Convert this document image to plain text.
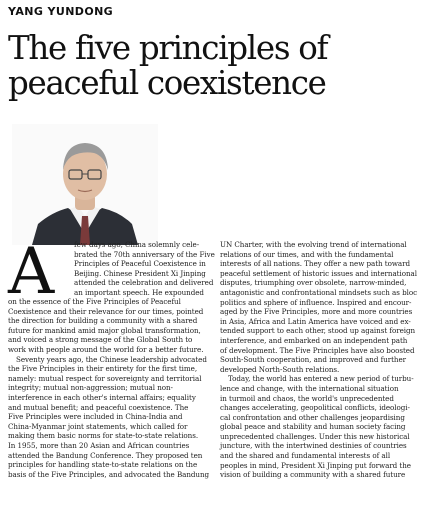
YANG YUNDONG
The five principles of
peaceful coexistence
A	few days ago, China solemnly cele-
brated the 70th anniversary of the Five
Principles of Peaceful Coexistence in
Beijing. Chinese President Xi Jinping
attended the celebration and delivered
an important speech. He expounded
on the essence of the Five Principles of Peaceful
Coexistence and their relevance for our times, pointed
the direction for building a community with a shared
future for mankind amid major global transformation,
and voiced a strong message of the Global South to
work with people around the world for a better future.
Seventy years ago, the Chinese leadership advocated
the Five Principles in their entirety for the first time,
namely: mutual respect for sovereignty and territorial
integrity; mutual non-aggression; mutual non-
interference in each other's internal affairs; equality
and mutual benefit; and peaceful coexistence. The
Five Principles were included in China-India and
China-Myanmar joint statements, which called for
making them basic norms for state-to-state relations.
In 1955, more than 20 Asian and African countries
attended the Bandung Conference. They proposed ten
principles for handling state-to-state relations on the
basis of the Five Principles, and advocated the Bandung
UN Charter, with the evolving trend of international
relations of our times, and with the fundamental
interests of all nations. They offer a new path toward
peaceful settlement of historic issues and international
disputes, triumphing over obsolete, narrow-minded,
antagonistic and confrontational mindsets such as bloc
politics and sphere of influence. Inspired and encour-
aged by the Five Principles, more and more countries
in Asia, Africa and Latin America have voiced and ex-
tended support to each other, stood up against foreign
interference, and embarked on an independent path
of development. The Five Principles have also boosted
South-South cooperation, and improved and further
developed North-South relations.
Today, the world has entered a new period of turbu-
lence and change, with the international situation
in turmoil and chaos, the world's unprecedented
changes accelerating, geopolitical conflicts, ideologi-
cal confrontation and other challenges jeopardising
global peace and stability and human society facing
unprecedented challenges. Under this new historical
juncture, with the intertwined destinies of countries
and the shared and fundamental interests of all
peoples in mind, President Xi Jinping put forward the
vision of building a community with a shared future
